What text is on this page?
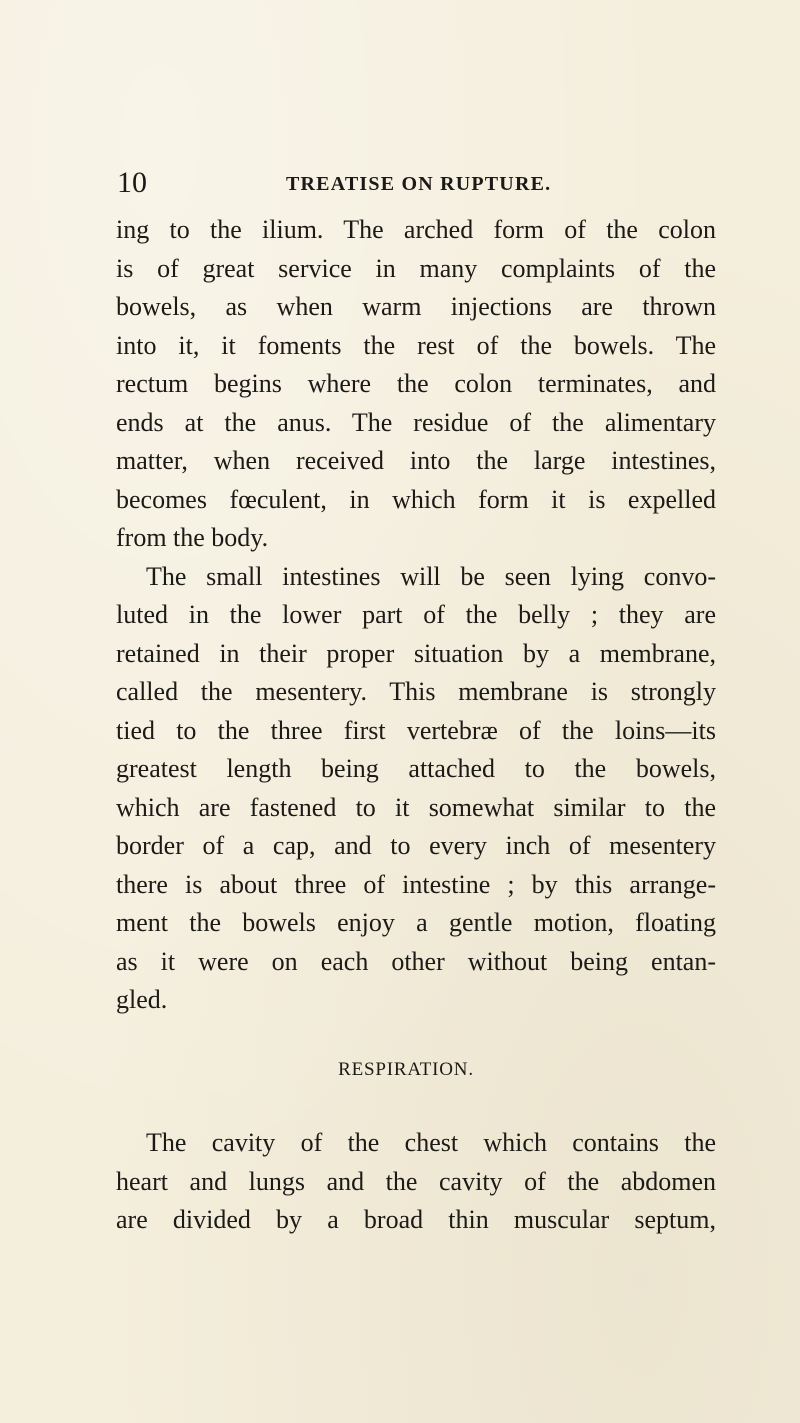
10	TREATISE ON RUPTURE.
ing to the ilium. The arched form of the colon
is of great service in many complaints of the
bowels, as when warm injections are thrown
into it, it foments the rest of the bowels. The
rectum begins where the colon terminates, and
ends at the anus. The residue of the alimentary
matter, when received into the large intestines,
becomes fœculent, in which form it is expelled
from the body.
The small intestines will be seen lying convo-
luted in the lower part of the belly ; they are
retained in their proper situation by a membrane,
called the mesentery. This membrane is strongly
tied to the three first vertebræ of the loins—its
greatest length being attached to the bowels,
which are fastened to it somewhat similar to the
border of a cap, and to every inch of mesentery
there is about three of intestine ; by this arrange-
ment the bowels enjoy a gentle motion, floating
as it were on each other without being entan-
gled.
RESPIRATION.
The cavity of the chest which contains the
heart and lungs and the cavity of the abdomen
are divided by a broad thin muscular septum,
